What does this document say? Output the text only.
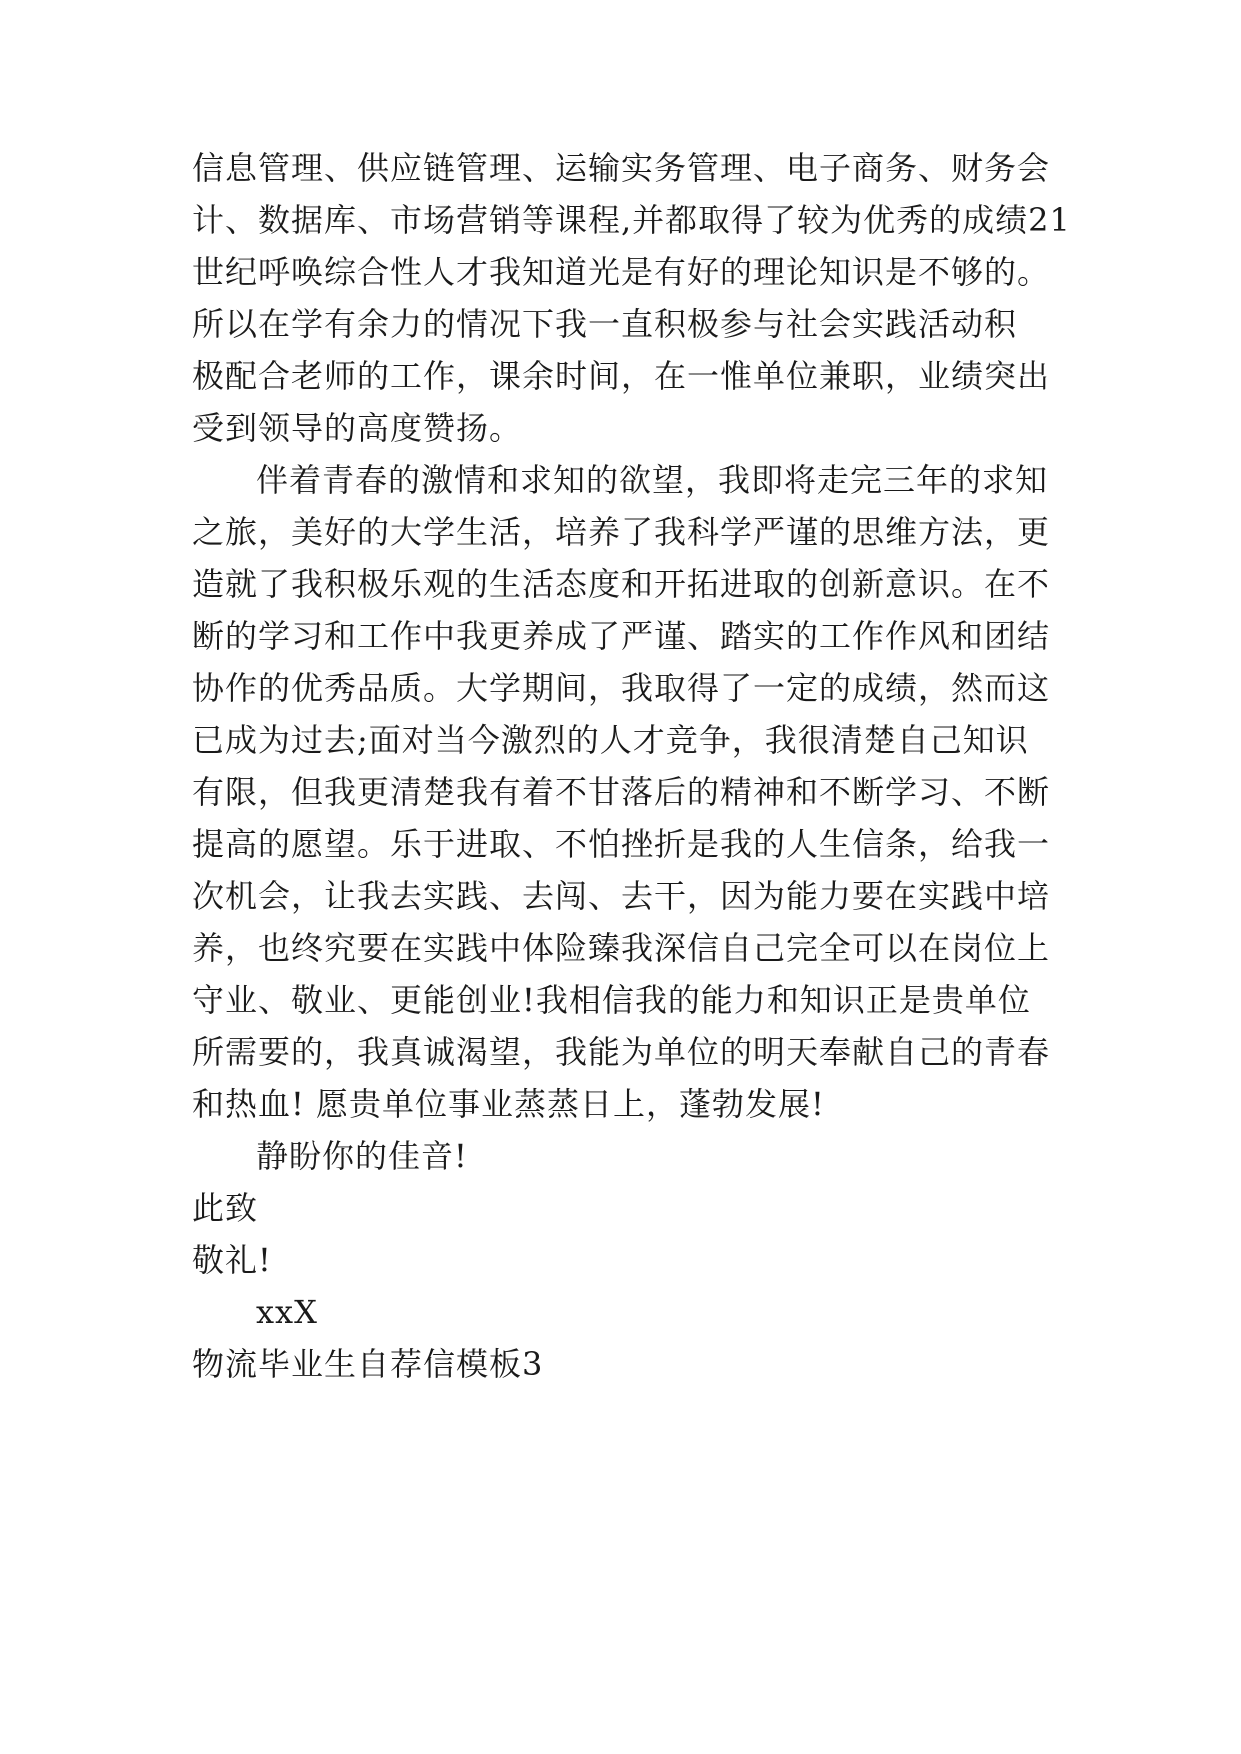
信息管理、供应链管理、运输实务管理、电子商务、财务会
计、数据库、市场营销等课程,并都取得了较为优秀的成绩21
世纪呼唤综合性人才我知道光是有好的理论知识是不够的。
所以在学有余力的情况下我一直积极参与社会实践活动积
极配合老师的工作，课余时间，在一惟单位兼职，业绩突出
受到领导的高度赞扬。
伴着青春的激情和求知的欲望，我即将走完三年的求知
之旅，美好的大学生活，培养了我科学严谨的思维方法，更
造就了我积极乐观的生活态度和开拓进取的创新意识。在不
断的学习和工作中我更养成了严谨、踏实的工作作风和团结
协作的优秀品质。大学期间，我取得了一定的成绩，然而这
已成为过去;面对当今激烈的人才竞争，我很清楚自己知识
有限，但我更清楚我有着不甘落后的精神和不断学习、不断
提高的愿望。乐于进取、不怕挫折是我的人生信条，给我一
次机会，让我去实践、去闯、去干，因为能力要在实践中培
养，也终究要在实践中体险臻我深信自己完全可以在岗位上
守业、敬业、更能创业!我相信我的能力和知识正是贵单位
所需要的，我真诚渴望，我能为单位的明天奉献自己的青春
和热血! 愿贵单位事业蒸蒸日上，蓬勃发展!
静盼你的佳音!
此致
敬礼!
xxX
物流毕业生自荐信模板3
